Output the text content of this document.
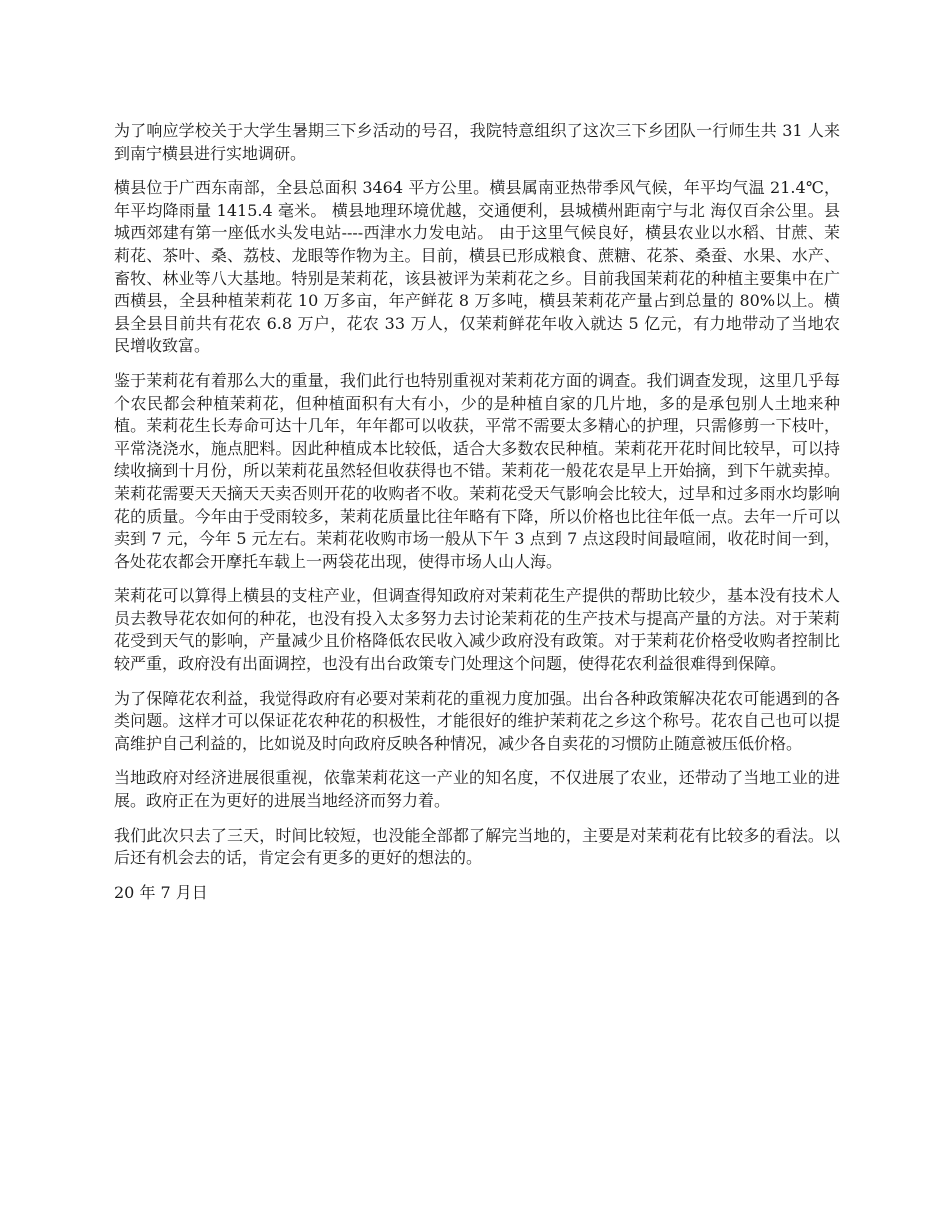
为了响应学校关于大学生暑期三下乡活动的号召，我院特意组织了这次三下乡团队一行师生共 31 人来到南宁横县进行实地调研。

横县位于广西东南部，全县总面积 3464 平方公里。横县属南亚热带季风气候，年平均气温 21.4℃， 年平均降雨量 1415.4 毫米。 横县地理环境优越，交通便利，县城横州距南宁与北 海仅百余公里。县城西郊建有第一座低水头发电站----西津水力发电站。 由于这里气候良好，横县农业以水稻、甘蔗、茉莉花、茶叶、桑、荔枝、龙眼等作物为主。目前，横县已形成粮食、蔗糖、花茶、桑蚕、水果、水产、畜牧、林业等八大基地。特别是茉莉花，该县被评为茉莉花之乡。目前我国茉莉花的种植主要集中在广西横县，全县种植茉莉花 10 万多亩，年产鲜花 8 万多吨，横县茉莉花产量占到总量的 80%以上。横县全县目前共有花农 6.8 万户，花农 33 万人，仅茉莉鲜花年收入就达 5 亿元，有力地带动了当地农民增收致富。

鉴于茉莉花有着那么大的重量，我们此行也特别重视对茉莉花方面的调查。我们调查发现，这里几乎每个农民都会种植茉莉花，但种植面积有大有小，少的是种植自家的几片地，多的是承包别人土地来种植。茉莉花生长寿命可达十几年，年年都可以收获，平常不需要太多精心的护理，只需修剪一下枝叶，平常浇浇水，施点肥料。因此种植成本比较低，适合大多数农民种植。茉莉花开花时间比较早，可以持续收摘到十月份，所以茉莉花虽然轻但收获得也不错。茉莉花一般花农是早上开始摘，到下午就卖掉。茉莉花需要天天摘天天卖否则开花的收购者不收。茉莉花受天气影响会比较大，过旱和过多雨水均影响花的质量。今年由于受雨较多，茉莉花质量比往年略有下降，所以价格也比往年低一点。去年一斤可以卖到 7 元，今年 5 元左右。茉莉花收购市场一般从下午 3 点到 7 点这段时间最喧闹，收花时间一到，各处花农都会开摩托车载上一两袋花出现，使得市场人山人海。

茉莉花可以算得上横县的支柱产业，但调查得知政府对茉莉花生产提供的帮助比较少，基本没有技术人员去教导花农如何的种花，也没有投入太多努力去讨论茉莉花的生产技术与提高产量的方法。对于茉莉花受到天气的影响，产量减少且价格降低农民收入减少政府没有政策。对于茉莉花价格受收购者控制比较严重，政府没有出面调控，也没有出台政策专门处理这个问题，使得花农利益很难得到保障。

为了保障花农利益，我觉得政府有必要对茉莉花的重视力度加强。出台各种政策解决花农可能遇到的各类问题。这样才可以保证花农种花的积极性，才能很好的维护茉莉花之乡这个称号。花农自己也可以提高维护自己利益的，比如说及时向政府反映各种情况，减少各自卖花的习惯防止随意被压低价格。

当地政府对经济进展很重视，依靠茉莉花这一产业的知名度，不仅进展了农业，还带动了当地工业的进展。政府正在为更好的进展当地经济而努力着。

我们此次只去了三天，时间比较短，也没能全部都了解完当地的，主要是对茉莉花有比较多的看法。以后还有机会去的话，肯定会有更多的更好的想法的。

20 年 7 月日
